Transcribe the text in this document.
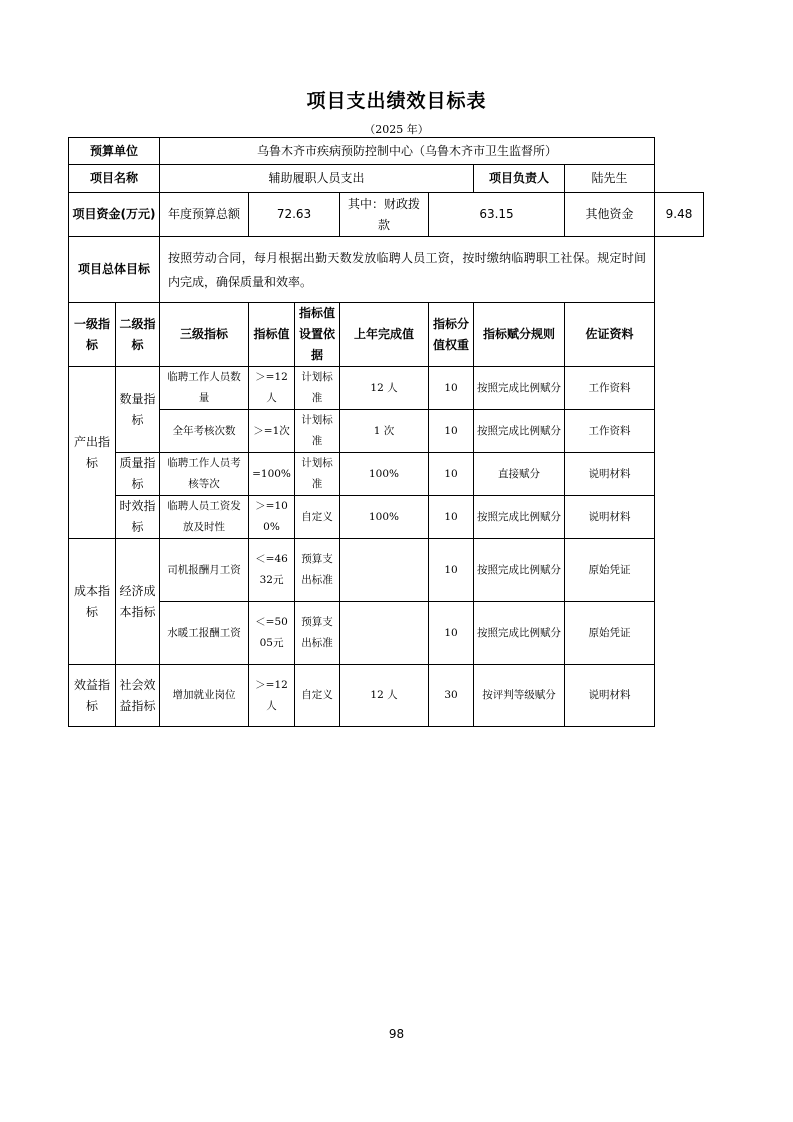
项目支出绩效目标表
（2025 年）
预算单位		乌鲁木齐市疾病预防控制中心（乌鲁木齐市卫生监督所）							
项目名称		辅助履职人员支出					项目负责人	陆先生	
项目资金(万元)		年度预算总额	72.63		其中：财政拨款	63.15		其他资金	9.48
项目总体目标		按照劳动合同，每月根据出勤天数发放临聘人员工资，按时缴纳临聘职工社保。规定时间内完成，确保质量和效率。							
一级指标	二级指标	三级指标	指标值	指标值设置依据	上年完成值	指标分值权重	指标赋分规则	佐证资料	
产出指标	数量指标	临聘工作人员数量	＞=12人	计划标准	12 人	10	按照完成比例赋分	工作资料	
		全年考核次数	＞=1次	计划标准	1 次	10	按照完成比例赋分	工作资料	
	质量指标	临聘工作人员考核等次	=100%	计划标准	100%	10	直接赋分	说明材料	
	时效指标	临聘人员工资发放及时性	＞=100%	自定义	100%	10	按照完成比例赋分	说明材料	
成本指标	经济成本指标	司机报酬月工资	＜=4632元	预算支出标准		10	按照完成比例赋分	原始凭证	
		水暖工报酬工资	＜=5005元	预算支出标准		10	按照完成比例赋分	原始凭证	
效益指标	社会效益指标	增加就业岗位	＞=12人	自定义	12 人	30	按评判等级赋分	说明材料	
98
